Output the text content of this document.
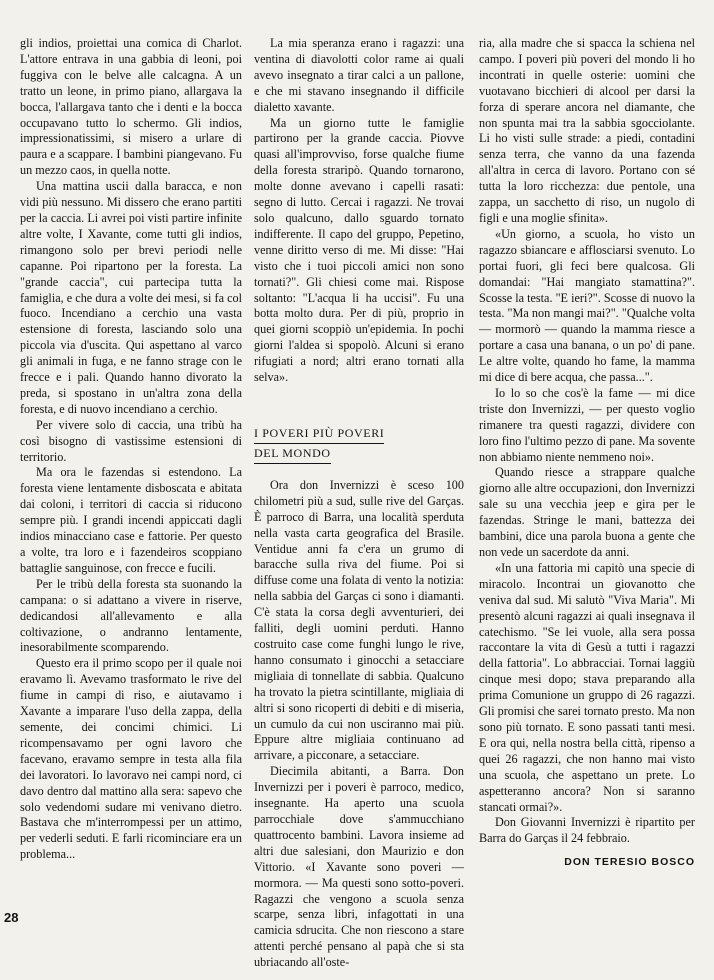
gli indios, proiettai una comica di Charlot. L'attore entrava in una gabbia di leoni, poi fuggiva con le belve alle calcagna. A un tratto un leone, in primo piano, allargava la bocca, l'allargava tanto che i denti e la bocca occupavano tutto lo schermo. Gli indios, impressionatissimi, si misero a urlare di paura e a scappare. I bambini piangevano. Fu un mezzo caos, in quella notte.

Una mattina uscii dalla baracca, e non vidi più nessuno. Mi dissero che erano partiti per la caccia. Li avrei poi visti partire infinite altre volte, I Xavante, come tutti gli indios, rimangono solo per brevi periodi nelle capanne. Poi ripartono per la foresta. La "grande caccia", cui partecipa tutta la famiglia, e che dura a volte dei mesi, si fa col fuoco. Incendiano a cerchio una vasta estensione di foresta, lasciando solo una piccola via d'uscita. Qui aspettano al varco gli animali in fuga, e ne fanno strage con le frecce e i pali. Quando hanno divorato la preda, si spostano in un'altra zona della foresta, e di nuovo incendiano a cerchio.

Per vivere solo di caccia, una tribù ha così bisogno di vastissime estensioni di territorio.

Ma ora le fazendas si estendono. La foresta viene lentamente disboscata e abitata dai coloni, i territori di caccia si riducono sempre più. I grandi incendi appiccati dagli indios minacciano case e fattorie. Per questo a volte, tra loro e i fazendeiros scoppiano battaglie sanguinose, con frecce e fucili.

Per le tribù della foresta sta suonando la campana: o si adattano a vivere in riserve, dedicandosi all'allevamento e alla coltivazione, o andranno lentamente, inesorabilmente scomparendo.

Questo era il primo scopo per il quale noi eravamo lì. Avevamo trasformato le rive del fiume in campi di riso, e aiutavamo i Xavante a imparare l'uso della zappa, della semente, dei concimi chimici. Li ricompensavamo per ogni lavoro che facevano, eravamo sempre in testa alla fila dei lavoratori. Io lavoravo nei campi nord, ci davo dentro dal mattino alla sera: sapevo che solo vedendomi sudare mi venivano dietro. Bastava che m'interrompessi per un attimo, per vederli seduti. E farli ricominciare era un problema...

La mia speranza erano i ragazzi: una ventina di diavolotti color rame ai quali avevo insegnato a tirar calci a un pallone, e che mi stavano insegnando il difficile dialetto xavante.

Ma un giorno tutte le famiglie partirono per la grande caccia. Piovve quasi all'improvviso, forse qualche fiume della foresta straripò. Quando tornarono, molte donne avevano i capelli rasati: segno di lutto. Cercai i ragazzi. Ne trovai solo qualcuno, dallo sguardo tornato indifferente. Il capo del gruppo, Pepetino, venne diritto verso di me. Mi disse: "Hai visto che i tuoi piccoli amici non sono tornati?". Gli chiesi come mai. Rispose soltanto: "L'acqua li ha uccisi". Fu una botta molto dura. Per di più, proprio in quei giorni scoppiò un'epidemia. In pochi giorni l'aldea si spopolò. Alcuni si erano rifugiati a nord; altri erano tornati alla selva».

I POVERI PIÙ POVERI
DEL MONDO

Ora don Invernizzi è sceso 100 chilometri più a sud, sulle rive del Garças. È parroco di Barra, una località sperduta nella vasta carta geografica del Brasile. Ventidue anni fa c'era un grumo di baracche sulla riva del fiume. Poi si diffuse come una folata di vento la notizia: nella sabbia del Garças ci sono i diamanti. C'è stata la corsa degli avventurieri, dei falliti, degli uomini perduti. Hanno costruito case come funghi lungo le rive, hanno consumato i ginocchi a setacciare migliaia di tonnellate di sabbia. Qualcuno ha trovato la pietra scintillante, migliaia di altri si sono ricoperti di debiti e di miseria, un cumulo da cui non usciranno mai più. Eppure altre migliaia continuano ad arrivare, a picconare, a setacciare.

Diecimila abitanti, a Barra. Don Invernizzi per i poveri è parroco, medico, insegnante. Ha aperto una scuola parrocchiale dove s'ammucchiano quattrocento bambini. Lavora insieme ad altri due salesiani, don Maurizio e don Vittorio. «I Xavante sono poveri — mormora. — Ma questi sono sotto-poveri. Ragazzi che vengono a scuola senza scarpe, senza libri, infagottati in una camicia sdrucita. Che non riescono a stare attenti perché pensano al papà che si sta ubriacando all'oste-

ria, alla madre che si spacca la schiena nel campo. I poveri più poveri del mondo li ho incontrati in quelle osterie: uomini che vuotavano bicchieri di alcool per darsi la forza di sperare ancora nel diamante, che non spunta mai tra la sabbia sgocciolante. Li ho visti sulle strade: a piedi, contadini senza terra, che vanno da una fazenda all'altra in cerca di lavoro. Portano con sé tutta la loro ricchezza: due pentole, una zappa, un sacchetto di riso, un nugolo di figli e una moglie sfinita».

«Un giorno, a scuola, ho visto un ragazzo sbiancare e afflosciarsi svenuto. Lo portai fuori, gli feci bere qualcosa. Gli domandai: "Hai mangiato stamattina?". Scosse la testa. "E ieri?". Scosse di nuovo la testa. "Ma non mangi mai?". "Qualche volta — mormorò — quando la mamma riesce a portare a casa una banana, o un po' di pane. Le altre volte, quando ho fame, la mamma mi dice di bere acqua, che passa...".

Io lo so che cos'è la fame — mi dice triste don Invernizzi, — per questo voglio rimanere tra questi ragazzi, dividere con loro fino l'ultimo pezzo di pane. Ma sovente non abbiamo niente nemmeno noi».

Quando riesce a strappare qualche giorno alle altre occupazioni, don Invernizzi sale su una vecchia jeep e gira per le fazendas. Stringe le mani, battezza dei bambini, dice una parola buona a gente che non vede un sacerdote da anni.

«In una fattoria mi capitò una specie di miracolo. Incontrai un giovanotto che veniva dal sud. Mi salutò "Viva Maria". Mi presentò alcuni ragazzi ai quali insegnava il catechismo. "Se lei vuole, alla sera possa raccontare la vita di Gesù a tutti i ragazzi della fattoria". Lo abbracciai. Tornai laggiù cinque mesi dopo; stava preparando alla prima Comunione un gruppo di 26 ragazzi. Gli promisi che sarei tornato presto. Ma non sono più tornato. E sono passati tanti mesi. E ora qui, nella nostra bella città, ripenso a quei 26 ragazzi, che non hanno mai visto una scuola, che aspettano un prete. Lo aspetteranno ancora? Non si saranno stancati ormai?».

Don Giovanni Invernizzi è ripartito per Barra do Garças il 24 febbraio.

DON TERESIO BOSCO
28
